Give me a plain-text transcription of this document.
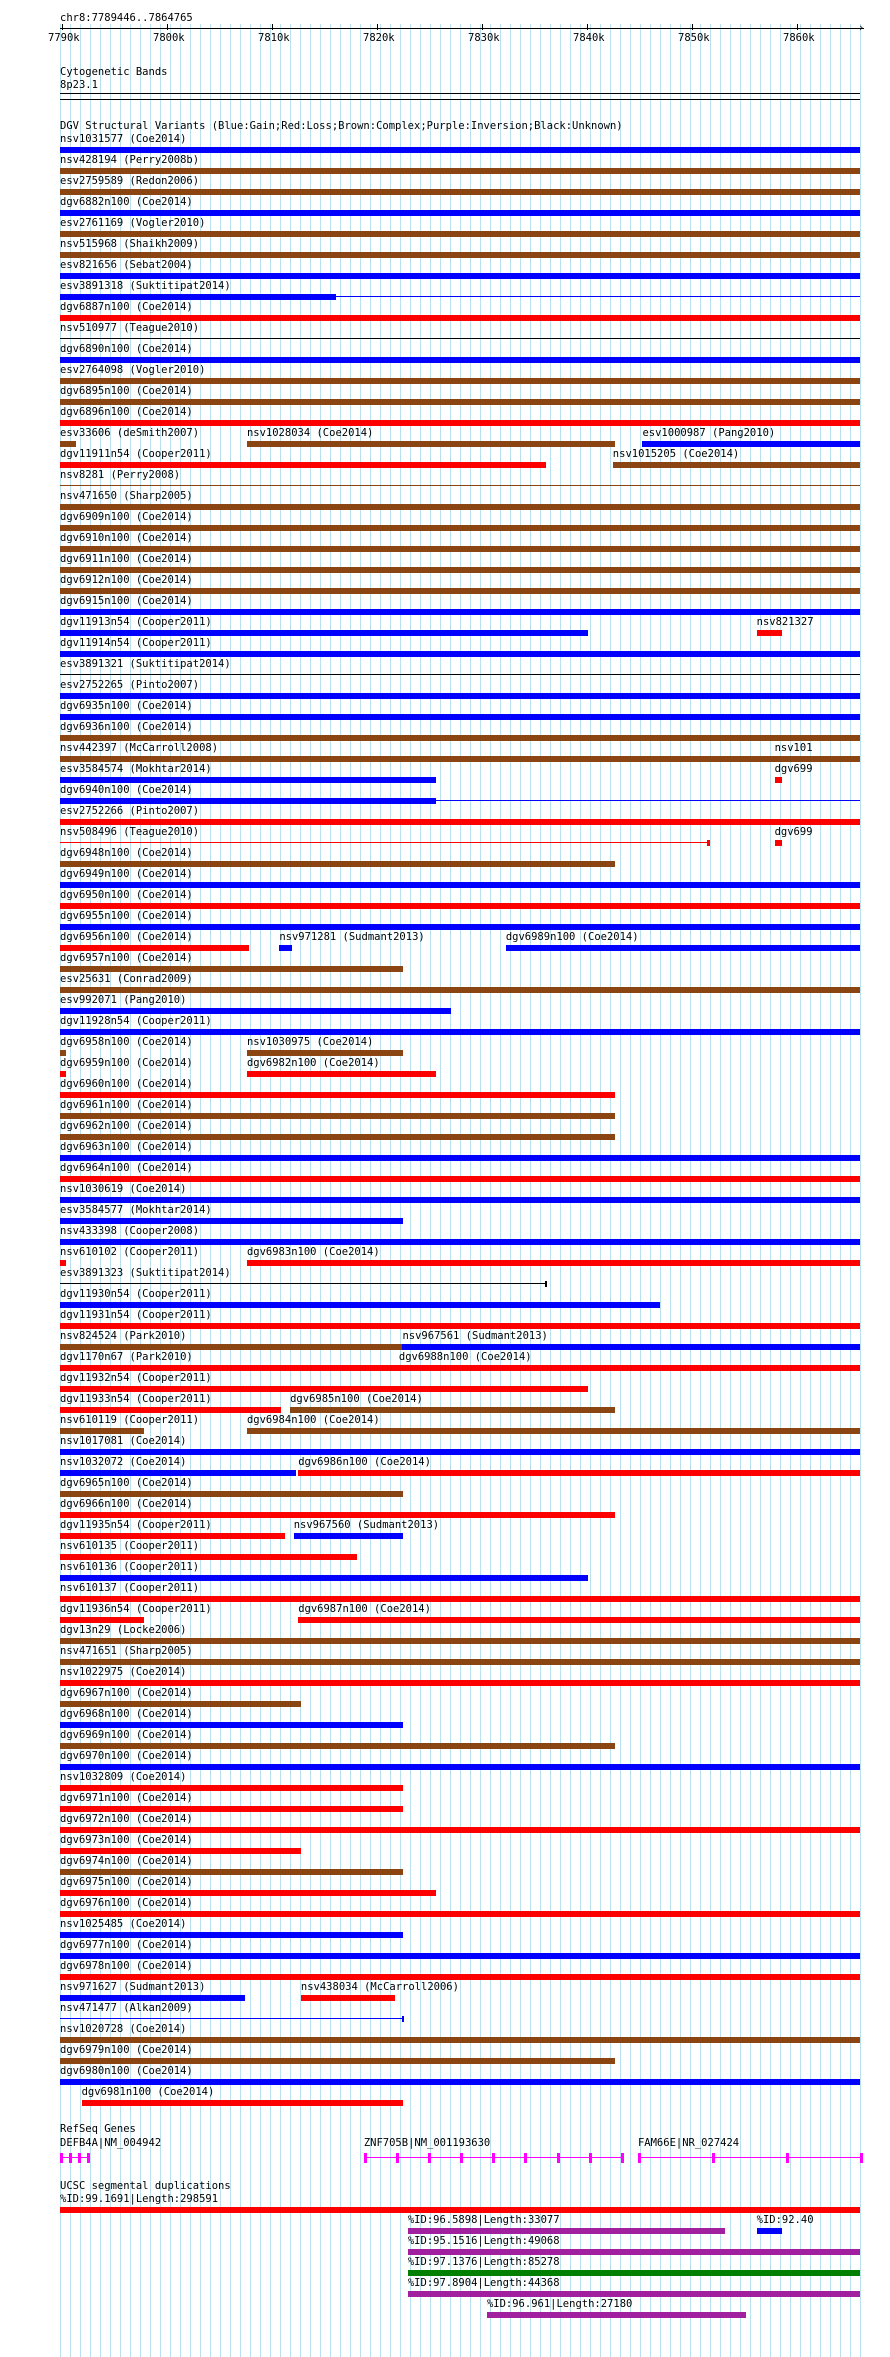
chr8:7789446..7864765
7790k	7800k	7810k	7820k	7830k	7840k	7850k	7860k
›
Cytogenetic Bands
8p23.1
DGV Structural Variants (Blue:Gain;Red:Loss;Brown:Complex;Purple:Inversion;Black:Unknown)
nsv1031577 (Coe2014)
nsv428194 (Perry2008b)
esv2759589 (Redon2006)
dgv6882n100 (Coe2014)
esv2761169 (Vogler2010)
nsv515968 (Shaikh2009)
esv821656 (Sebat2004)
esv3891318 (Suktitipat2014)
dgv6887n100 (Coe2014)
nsv510977 (Teague2010)
dgv6890n100 (Coe2014)
esv2764098 (Vogler2010)
dgv6895n100 (Coe2014)
dgv6896n100 (Coe2014)
esv33606 (deSmith2007)	nsv1028034 (Coe2014)	esv1000987 (Pang2010)
dgv11911n54 (Cooper2011)	nsv1015205 (Coe2014)
nsv8281 (Perry2008)
nsv471650 (Sharp2005)
dgv6909n100 (Coe2014)
dgv6910n100 (Coe2014)
dgv6911n100 (Coe2014)
dgv6912n100 (Coe2014)
dgv6915n100 (Coe2014)
dgv11913n54 (Cooper2011)	nsv821327
dgv11914n54 (Cooper2011)
esv3891321 (Suktitipat2014)
esv2752265 (Pinto2007)
dgv6935n100 (Coe2014)
dgv6936n100 (Coe2014)
nsv442397 (McCarroll2008)	nsv101
esv3584574 (Mokhtar2014)	dgv699
dgv6940n100 (Coe2014)
esv2752266 (Pinto2007)
nsv508496 (Teague2010)	dgv699
dgv6948n100 (Coe2014)
dgv6949n100 (Coe2014)
dgv6950n100 (Coe2014)
dgv6955n100 (Coe2014)
dgv6956n100 (Coe2014)	nsv971281 (Sudmant2013)	dgv6989n100 (Coe2014)
dgv6957n100 (Coe2014)
esv25631 (Conrad2009)
esv992071 (Pang2010)
dgv11928n54 (Cooper2011)
dgv6958n100 (Coe2014)	nsv1030975 (Coe2014)
dgv6959n100 (Coe2014)	dgv6982n100 (Coe2014)
dgv6960n100 (Coe2014)
dgv6961n100 (Coe2014)
dgv6962n100 (Coe2014)
dgv6963n100 (Coe2014)
dgv6964n100 (Coe2014)
nsv1030619 (Coe2014)
esv3584577 (Mokhtar2014)
nsv433398 (Cooper2008)
nsv610102 (Cooper2011)	dgv6983n100 (Coe2014)
esv3891323 (Suktitipat2014)
dgv11930n54 (Cooper2011)
dgv11931n54 (Cooper2011)
nsv824524 (Park2010)	nsv967561 (Sudmant2013)
dgv1170n67 (Park2010)	dgv6988n100 (Coe2014)
dgv11932n54 (Cooper2011)
dgv11933n54 (Cooper2011)	dgv6985n100 (Coe2014)
nsv610119 (Cooper2011)	dgv6984n100 (Coe2014)
nsv1017081 (Coe2014)
nsv1032072 (Coe2014)	dgv6986n100 (Coe2014)
dgv6965n100 (Coe2014)
dgv6966n100 (Coe2014)
dgv11935n54 (Cooper2011)	nsv967560 (Sudmant2013)
nsv610135 (Cooper2011)
nsv610136 (Cooper2011)
nsv610137 (Cooper2011)
dgv11936n54 (Cooper2011)	dgv6987n100 (Coe2014)
dgv13n29 (Locke2006)
nsv471651 (Sharp2005)
nsv1022975 (Coe2014)
dgv6967n100 (Coe2014)
dgv6968n100 (Coe2014)
dgv6969n100 (Coe2014)
dgv6970n100 (Coe2014)
nsv1032809 (Coe2014)
dgv6971n100 (Coe2014)
dgv6972n100 (Coe2014)
dgv6973n100 (Coe2014)
dgv6974n100 (Coe2014)
dgv6975n100 (Coe2014)
dgv6976n100 (Coe2014)
nsv1025485 (Coe2014)
dgv6977n100 (Coe2014)
dgv6978n100 (Coe2014)
nsv971627 (Sudmant2013)	nsv438034 (McCarroll2006)
nsv471477 (Alkan2009)
nsv1020728 (Coe2014)
dgv6979n100 (Coe2014)
dgv6980n100 (Coe2014)
dgv6981n100 (Coe2014)
RefSeq Genes
DEFB4A|NM_004942	ZNF705B|NM_001193630	FAM66E|NR_027424
UCSC segmental duplications
%ID:99.1691|Length:298591
%ID:96.5898|Length:33077	%ID:92.40
%ID:95.1516|Length:49068
%ID:97.1376|Length:85278
%ID:97.8904|Length:44368
%ID:96.961|Length:27180
